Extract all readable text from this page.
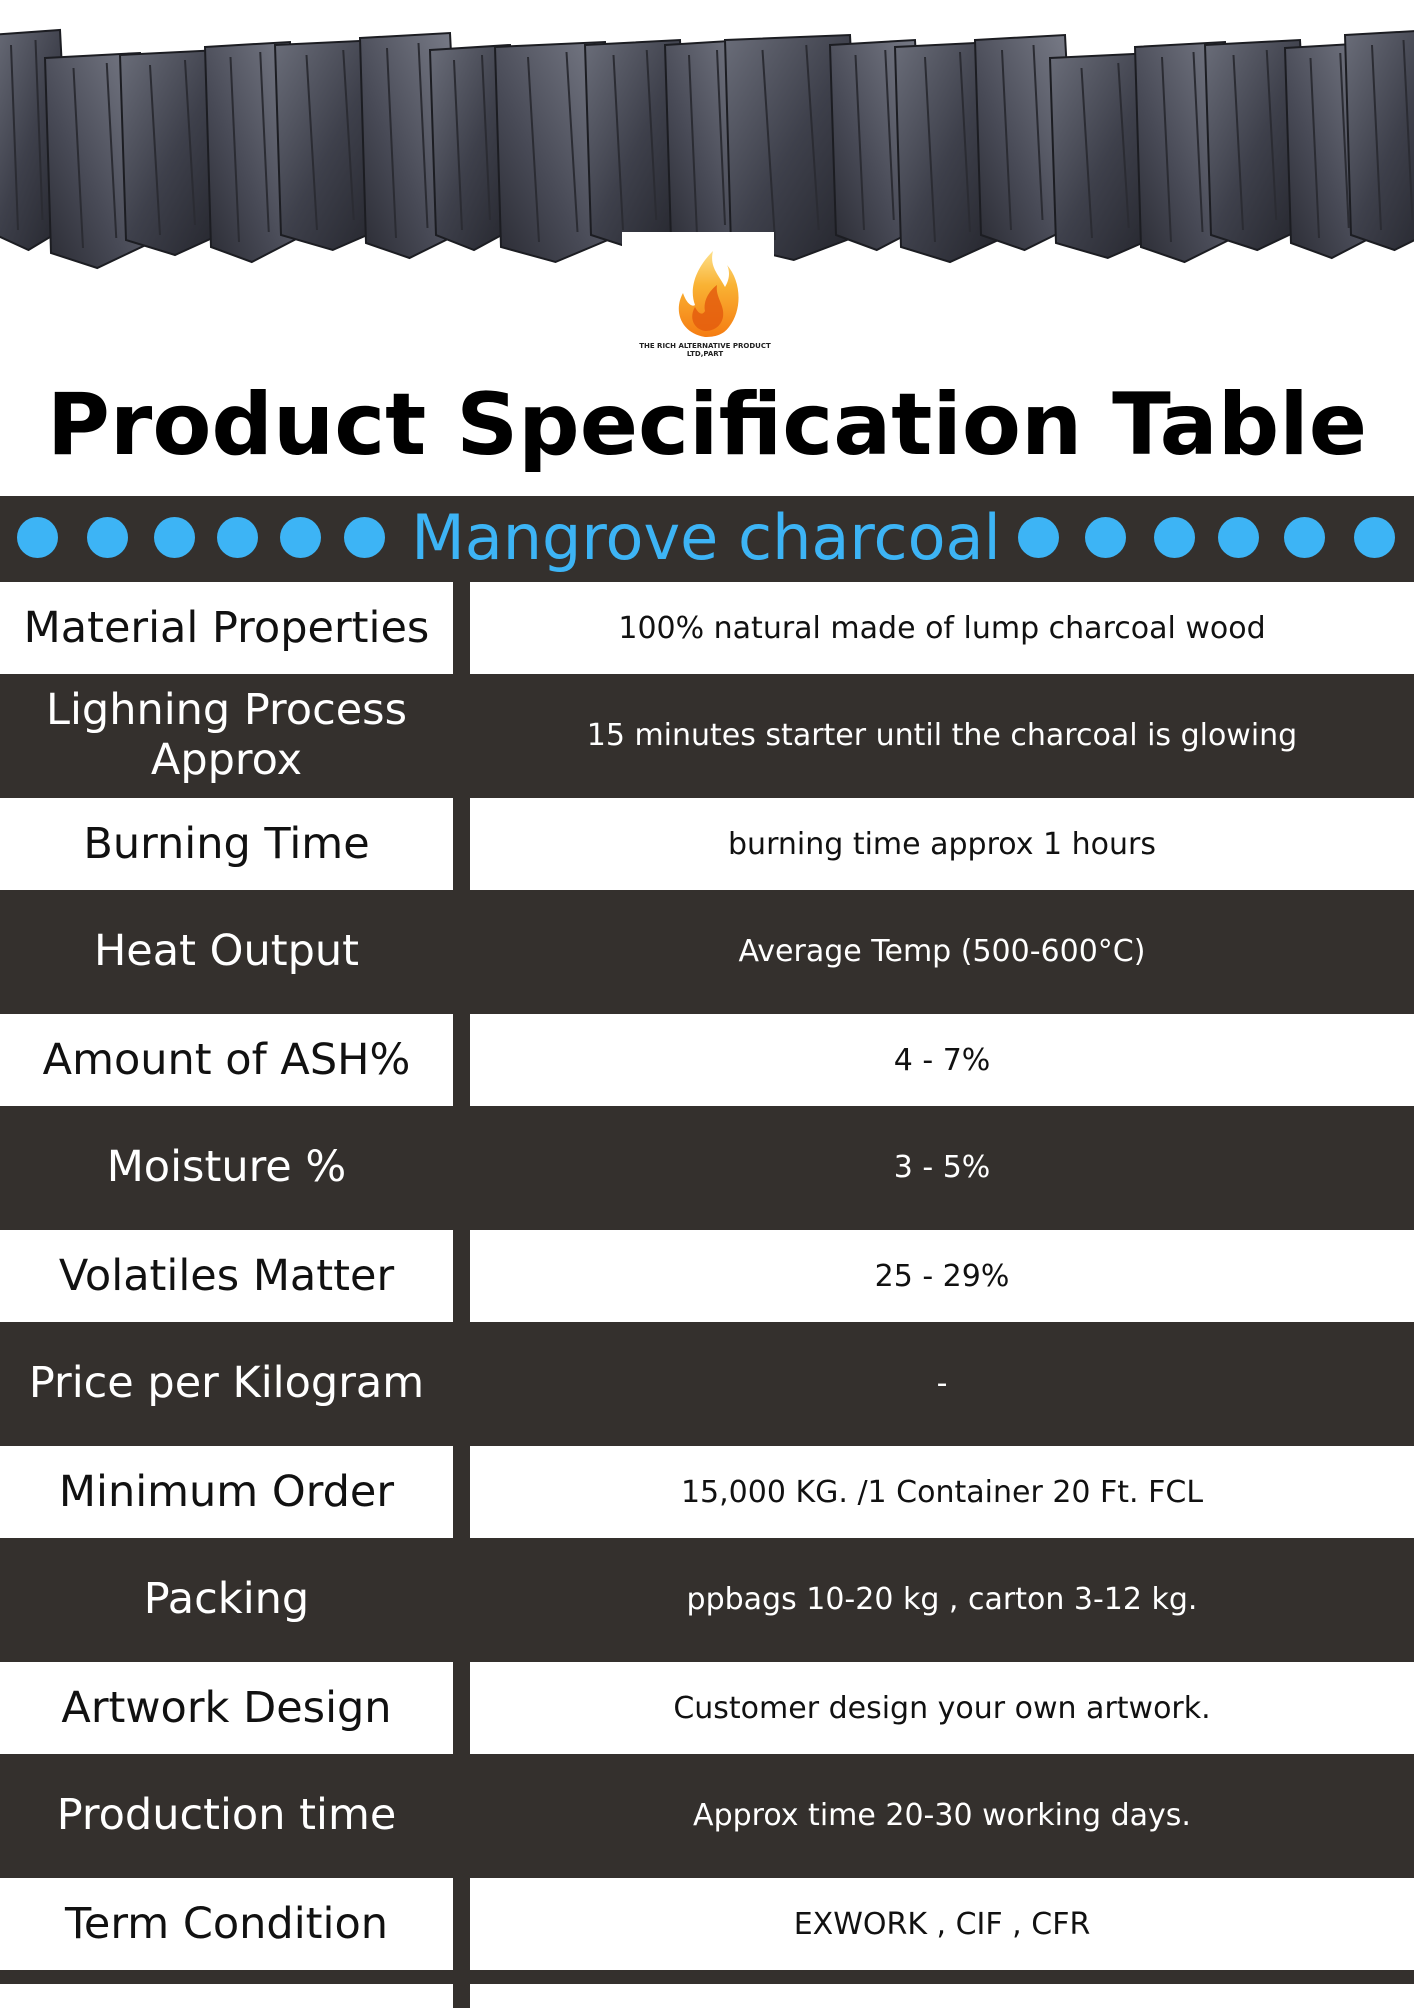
THE RICH ALTERNATIVE PRODUCT LTD,PART
Product Specification Table
Mangrove charcoal
Material Properties	100% natural made of lump charcoal wood
Lighning Process Approx	15 minutes starter until the charcoal is glowing
Burning Time	burning time approx 1 hours
Heat Output	Average Temp (500-600°C)
Amount of ASH%	4 - 7%
Moisture %	3 - 5%
Volatiles Matter	25 - 29%
Price per Kilogram	-
Minimum Order	15,000 KG. /1 Container 20 Ft. FCL
Packing	ppbags 10-20 kg , carton 3-12 kg.
Artwork Design	Customer design your own artwork.
Production time	Approx time 20-30 working days.
Term Condition	EXWORK , CIF , CFR
